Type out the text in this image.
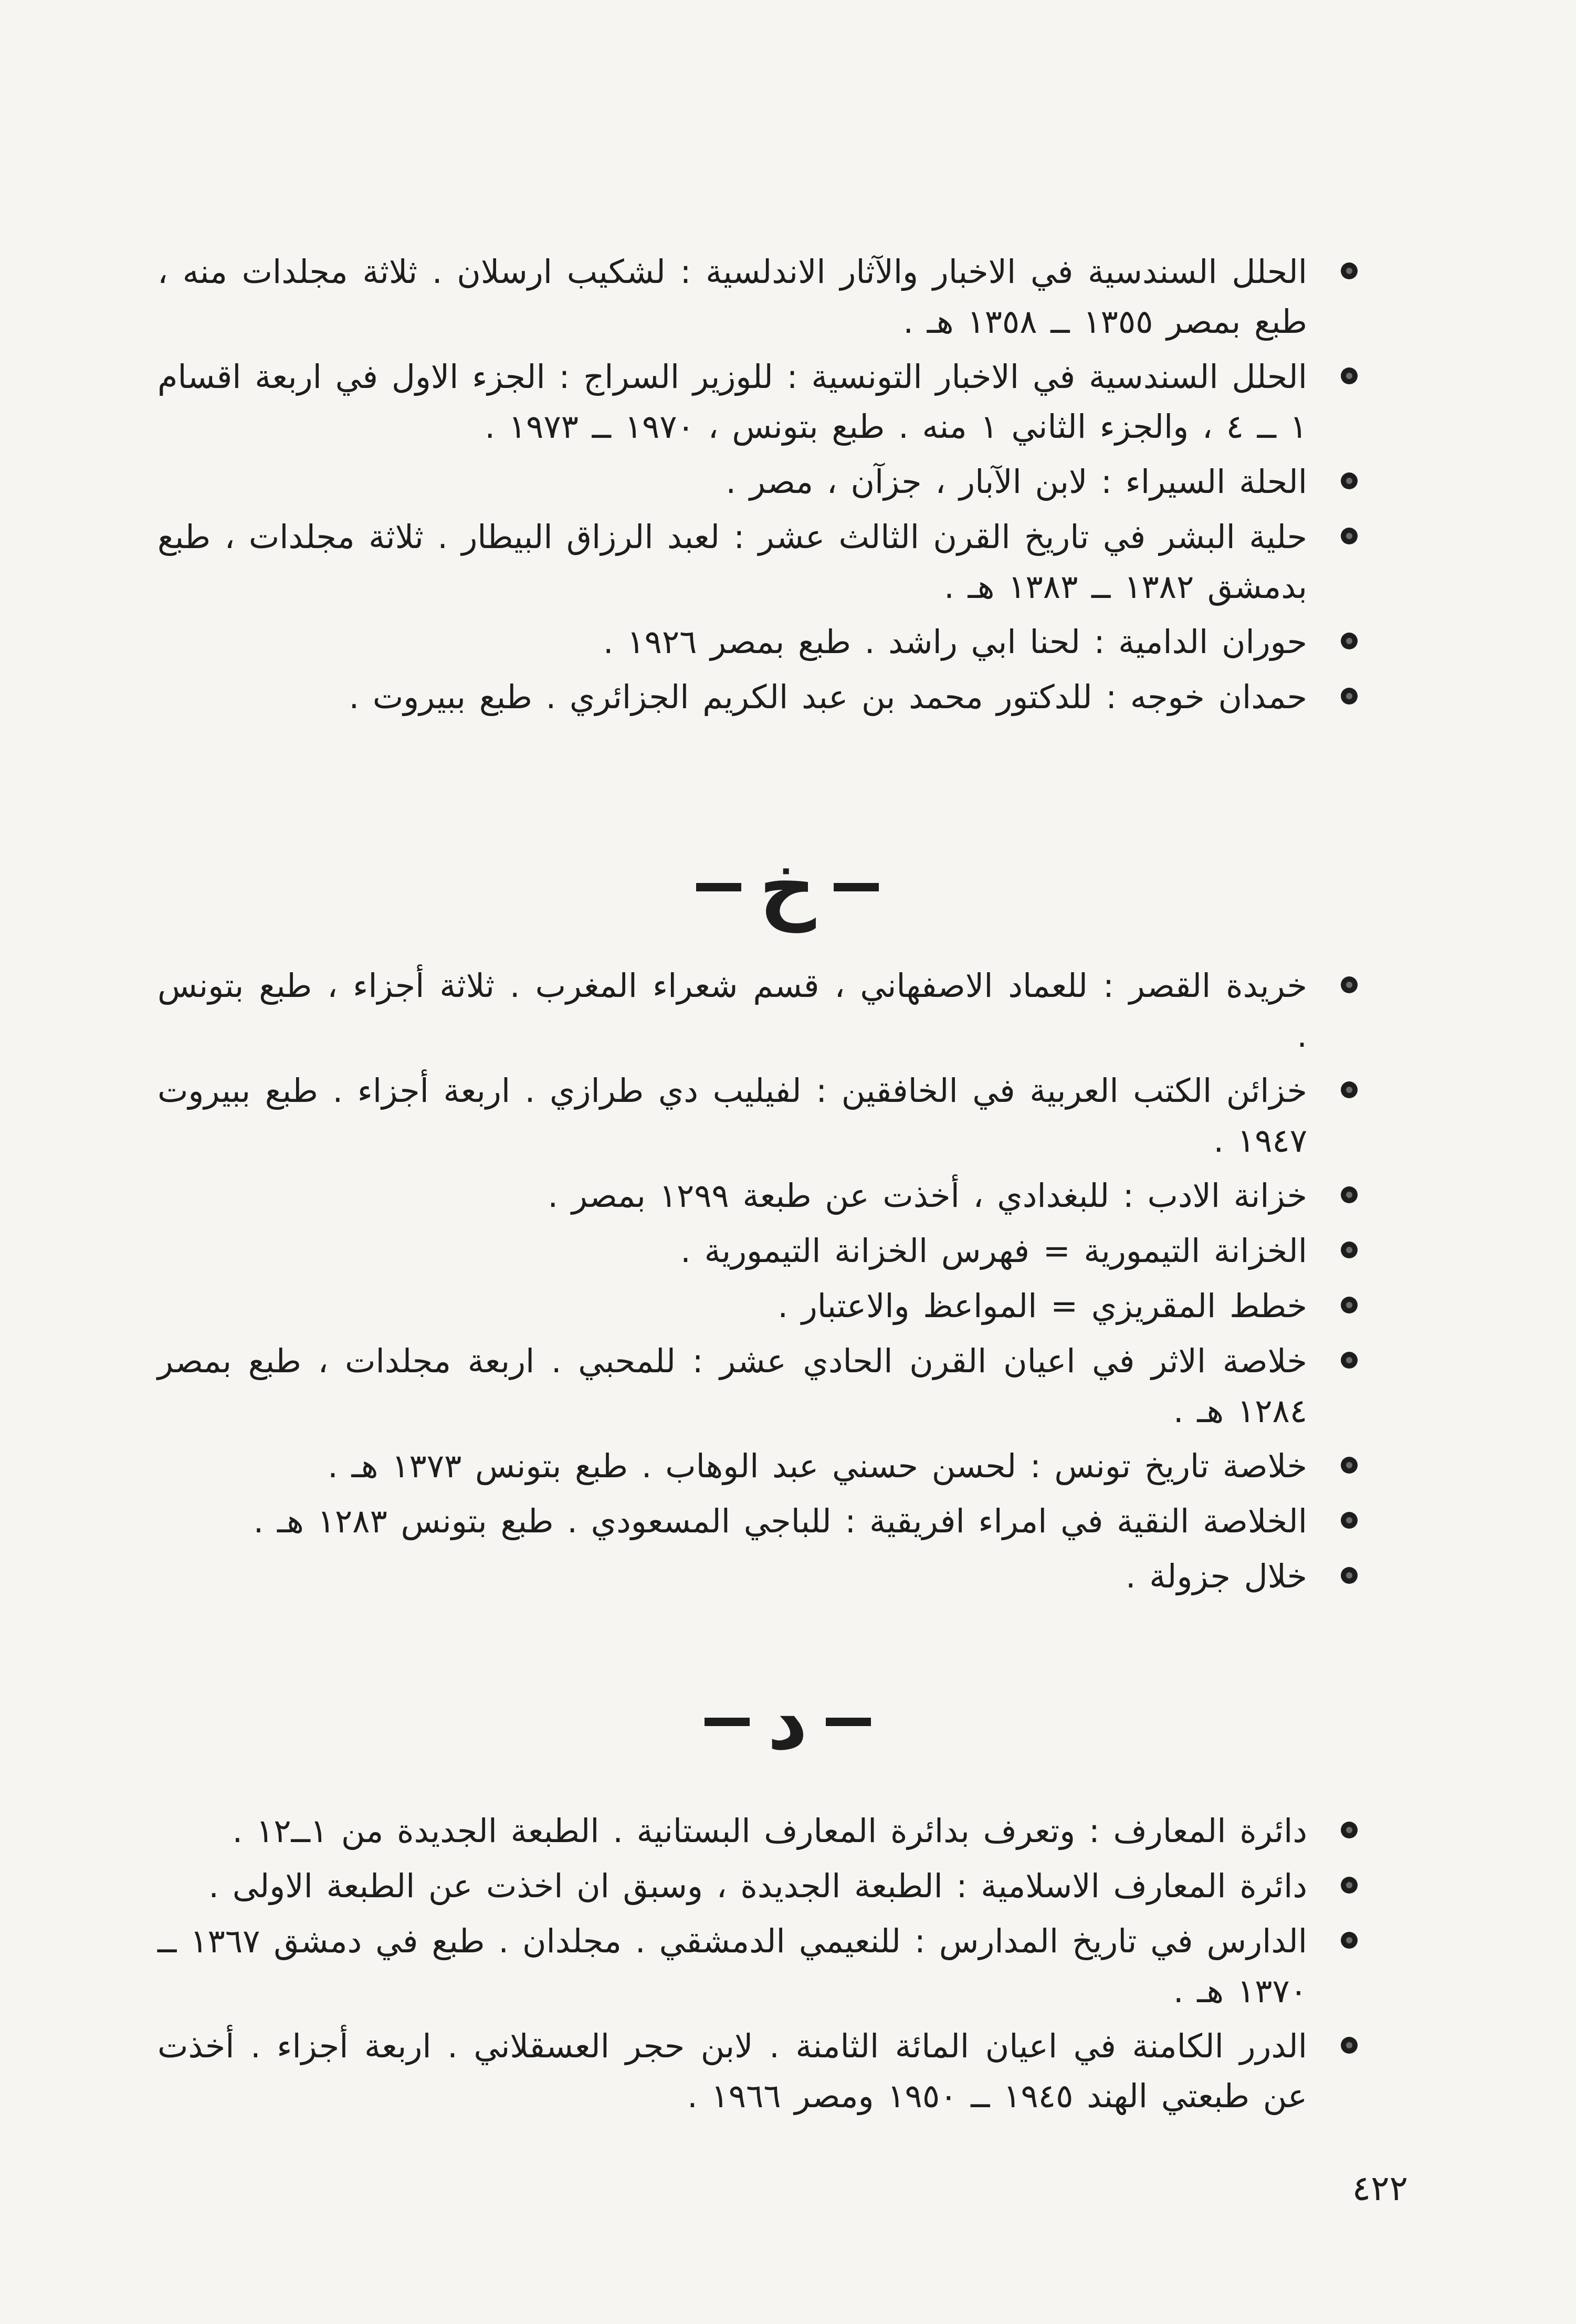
الحلل السندسية في الاخبار والآثار الاندلسية : لشكيب ارسلان . ثلاثة مجلدات منه ، طبع بمصر ١٣٥٥ ــ ١٣٥٨ هـ .
الحلل السندسية في الاخبار التونسية : للوزير السراج : الجزء الاول في اربعة اقسام ١ ــ ٤ ، والجزء الثاني ١ منه . طبع بتونس ، ١٩٧٠ ــ ١٩٧٣ .
الحلة السيراء : لابن الآبار ، جزآن ، مصر .
حلية البشر في تاريخ القرن الثالث عشر : لعبد الرزاق البيطار . ثلاثة مجلدات ، طبع بدمشق ١٣٨٢ ــ ١٣٨٣ هـ .
حوران الدامية : لحنا ابي راشد . طبع بمصر ١٩٢٦ .
حمدان خوجه : للدكتور محمد بن عبد الكريم الجزائري . طبع ببيروت .
خ
خريدة القصر : للعماد الاصفهاني ، قسم شعراء المغرب . ثلاثة أجزاء ، طبع بتونس .
خزائن الكتب العربية في الخافقين : لفيليب دي طرازي . اربعة أجزاء . طبع ببيروت ١٩٤٧ .
خزانة الادب : للبغدادي ، أخذت عن طبعة ١٢٩٩ بمصر .
الخزانة التيمورية = فهرس الخزانة التيمورية .
خطط المقريزي = المواعظ والاعتبار .
خلاصة الاثر في اعيان القرن الحادي عشر : للمحبي . اربعة مجلدات ، طبع بمصر ١٢٨٤ هـ .
خلاصة تاريخ تونس : لحسن حسني عبد الوهاب . طبع بتونس ١٣٧٣ هـ .
الخلاصة النقية في امراء افريقية : للباجي المسعودي . طبع بتونس ١٢٨٣ هـ .
خلال جزولة .
د
دائرة المعارف : وتعرف بدائرة المعارف البستانية . الطبعة الجديدة من ١ــ١٢ .
دائرة المعارف الاسلامية : الطبعة الجديدة ، وسبق ان اخذت عن الطبعة الاولى .
الدارس في تاريخ المدارس : للنعيمي الدمشقي . مجلدان . طبع في دمشق ١٣٦٧ ــ ١٣٧٠ هـ .
الدرر الكامنة في اعيان المائة الثامنة . لابن حجر العسقلاني . اربعة أجزاء . أخذت عن طبعتي الهند ١٩٤٥ ــ ١٩٥٠ ومصر ١٩٦٦ .
٤٢٢
